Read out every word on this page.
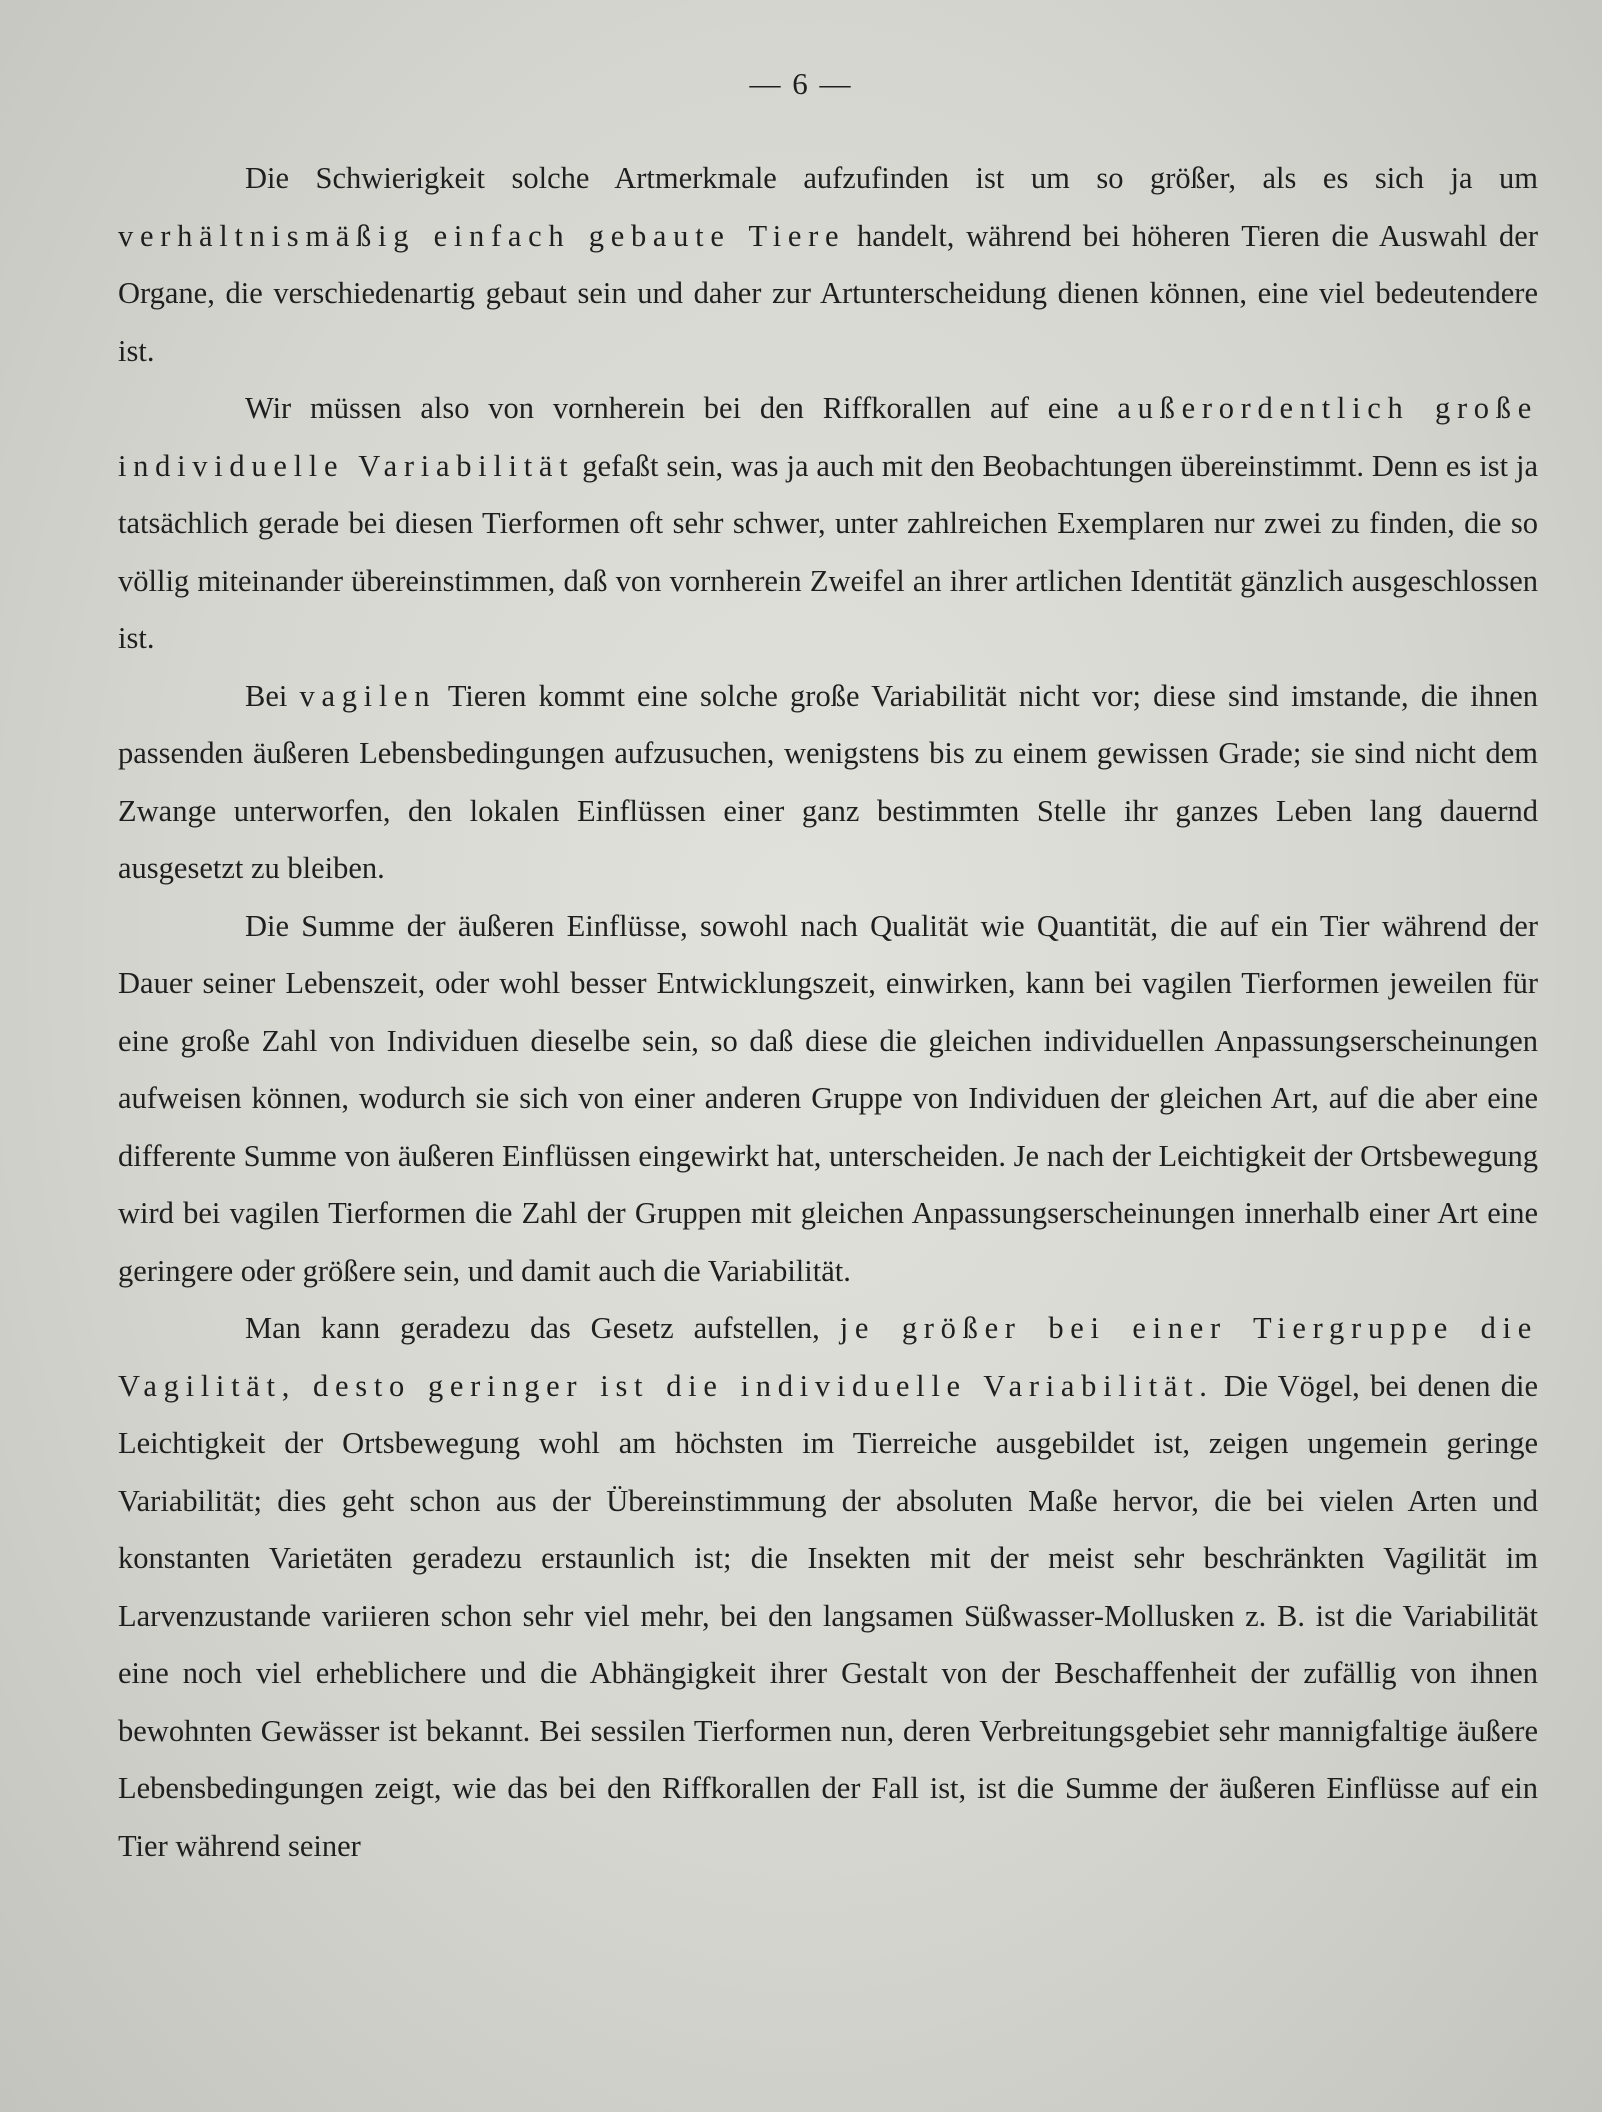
— 6 —

Die Schwierigkeit solche Artmerkmale aufzufinden ist um so größer, als es sich ja um verhältnismäßig einfach gebaute Tiere handelt, während bei höheren Tieren die Auswahl der Organe, die verschiedenartig gebaut sein und daher zur Artunterscheidung dienen können, eine viel bedeutendere ist.

Wir müssen also von vornherein bei den Riffkorallen auf eine außerordentlich große individuelle Variabilität gefaßt sein, was ja auch mit den Beobachtungen übereinstimmt. Denn es ist ja tatsächlich gerade bei diesen Tierformen oft sehr schwer, unter zahlreichen Exemplaren nur zwei zu finden, die so völlig miteinander übereinstimmen, daß von vornherein Zweifel an ihrer artlichen Identität gänzlich ausgeschlossen ist.

Bei vagilen Tieren kommt eine solche große Variabilität nicht vor; diese sind imstande, die ihnen passenden äußeren Lebensbedingungen aufzusuchen, wenigstens bis zu einem gewissen Grade; sie sind nicht dem Zwange unterworfen, den lokalen Einflüssen einer ganz bestimmten Stelle ihr ganzes Leben lang dauernd ausgesetzt zu bleiben.

Die Summe der äußeren Einflüsse, sowohl nach Qualität wie Quantität, die auf ein Tier während der Dauer seiner Lebenszeit, oder wohl besser Entwicklungszeit, einwirken, kann bei vagilen Tierformen jeweilen für eine große Zahl von Individuen dieselbe sein, so daß diese die gleichen individuellen Anpassungserscheinungen aufweisen können, wodurch sie sich von einer anderen Gruppe von Individuen der gleichen Art, auf die aber eine differente Summe von äußeren Einflüssen eingewirkt hat, unterscheiden. Je nach der Leichtigkeit der Ortsbewegung wird bei vagilen Tierformen die Zahl der Gruppen mit gleichen Anpassungserscheinungen innerhalb einer Art eine geringere oder größere sein, und damit auch die Variabilität.

Man kann geradezu das Gesetz aufstellen, je größer bei einer Tiergruppe die Vagilität, desto geringer ist die individuelle Variabilität. Die Vögel, bei denen die Leichtigkeit der Ortsbewegung wohl am höchsten im Tierreiche ausgebildet ist, zeigen ungemein geringe Variabilität; dies geht schon aus der Übereinstimmung der absoluten Maße hervor, die bei vielen Arten und konstanten Varietäten geradezu erstaunlich ist; die Insekten mit der meist sehr beschränkten Vagilität im Larvenzustande variieren schon sehr viel mehr, bei den langsamen Süßwasser-Mollusken z. B. ist die Variabilität eine noch viel erheblichere und die Abhängigkeit ihrer Gestalt von der Beschaffenheit der zufällig von ihnen bewohnten Gewässer ist bekannt. Bei sessilen Tierformen nun, deren Verbreitungsgebiet sehr mannigfaltige äußere Lebensbedingungen zeigt, wie das bei den Riffkorallen der Fall ist, ist die Summe der äußeren Einflüsse auf ein Tier während seiner
